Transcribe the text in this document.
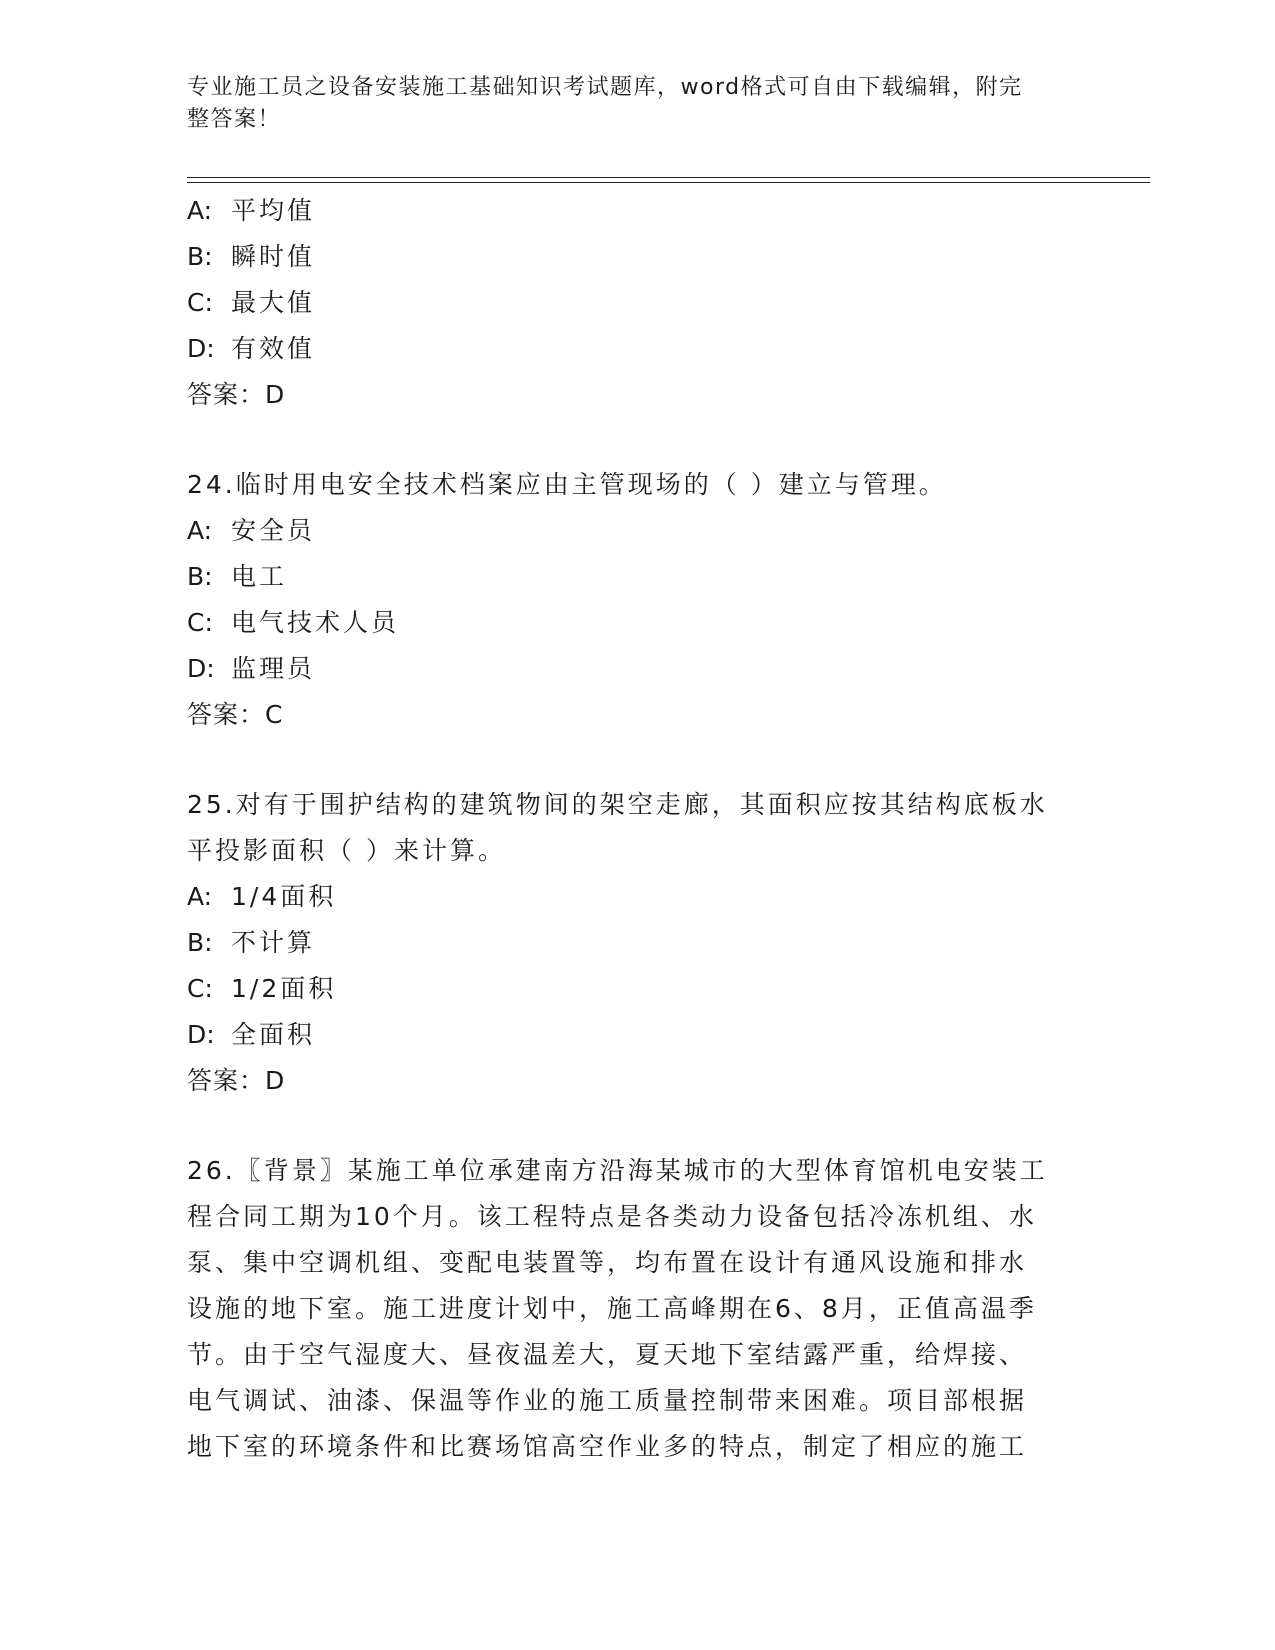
专业施工员之设备安装施工基础知识考试题库，word格式可自由下载编辑，附完
整答案！

A: 平均值

B: 瞬时值

C: 最大值

D: 有效值

答案：D

24.临时用电安全技术档案应由主管现场的（ ）建立与管理。

A: 安全员

B: 电工

C: 电气技术人员

D: 监理员

答案：C

25.对有于围护结构的建筑物间的架空走廊，其面积应按其结构底板水
平投影面积（ ）来计算。

A: 1/4面积

B: 不计算

C: 1/2面积

D: 全面积

答案：D

26.〖背景〗某施工单位承建南方沿海某城市的大型体育馆机电安装工
程合同工期为10个月。该工程特点是各类动力设备包括冷冻机组、水
泵、集中空调机组、变配电装置等，均布置在设计有通风设施和排水
设施的地下室。施工进度计划中，施工高峰期在6、8月，正值高温季
节。由于空气湿度大、昼夜温差大，夏天地下室结露严重，给焊接、
电气调试、油漆、保温等作业的施工质量控制带来困难。项目部根据
地下室的环境条件和比赛场馆高空作业多的特点，制定了相应的施工
